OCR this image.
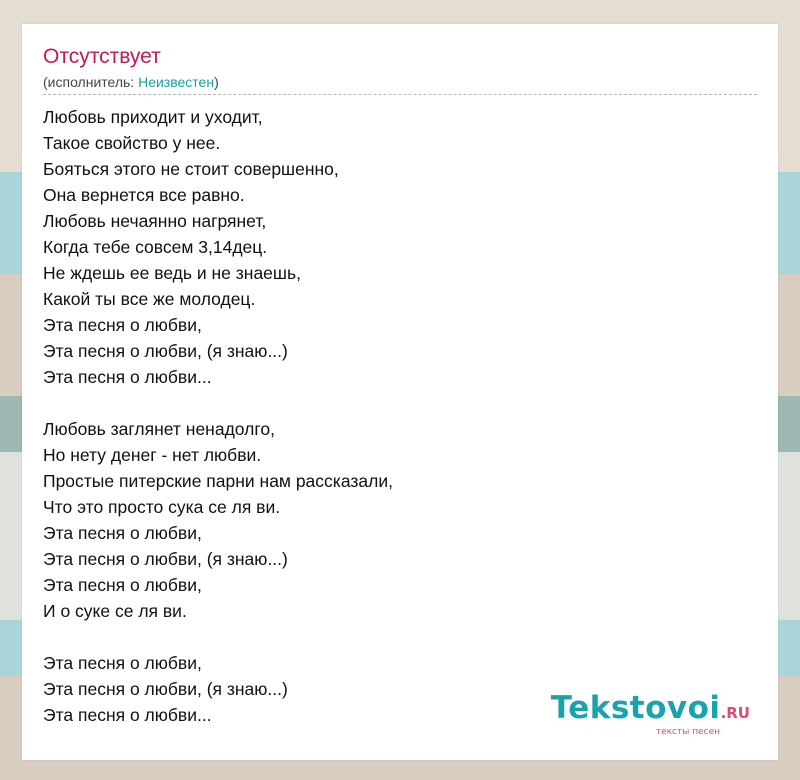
Отсутствует
(исполнитель: Неизвестен)
Любовь приходит и уходит,
Такое свойство у нее.
Бояться этого не стоит совершенно,
Она вернется все равно.
Любовь нечаянно нагрянет,
Когда тебе совсем 3,14дец.
Не ждешь ее ведь и не знаешь,
Какой ты все же молодец.
Эта песня о любви,
Эта песня о любви, (я знаю...)
Эта песня о любви...
Любовь заглянет ненадолго,
Но нету денег - нет любви.
Простые питерские парни нам рассказали,
Что это просто сука се ля ви.
Эта песня о любви,
Эта песня о любви, (я знаю...)
Эта песня о любви,
И о суке се ля ви.
Эта песня о любви,
Эта песня о любви, (я знаю...)
Эта песня о любви...	Tekstovoi.RU
тексты песен
